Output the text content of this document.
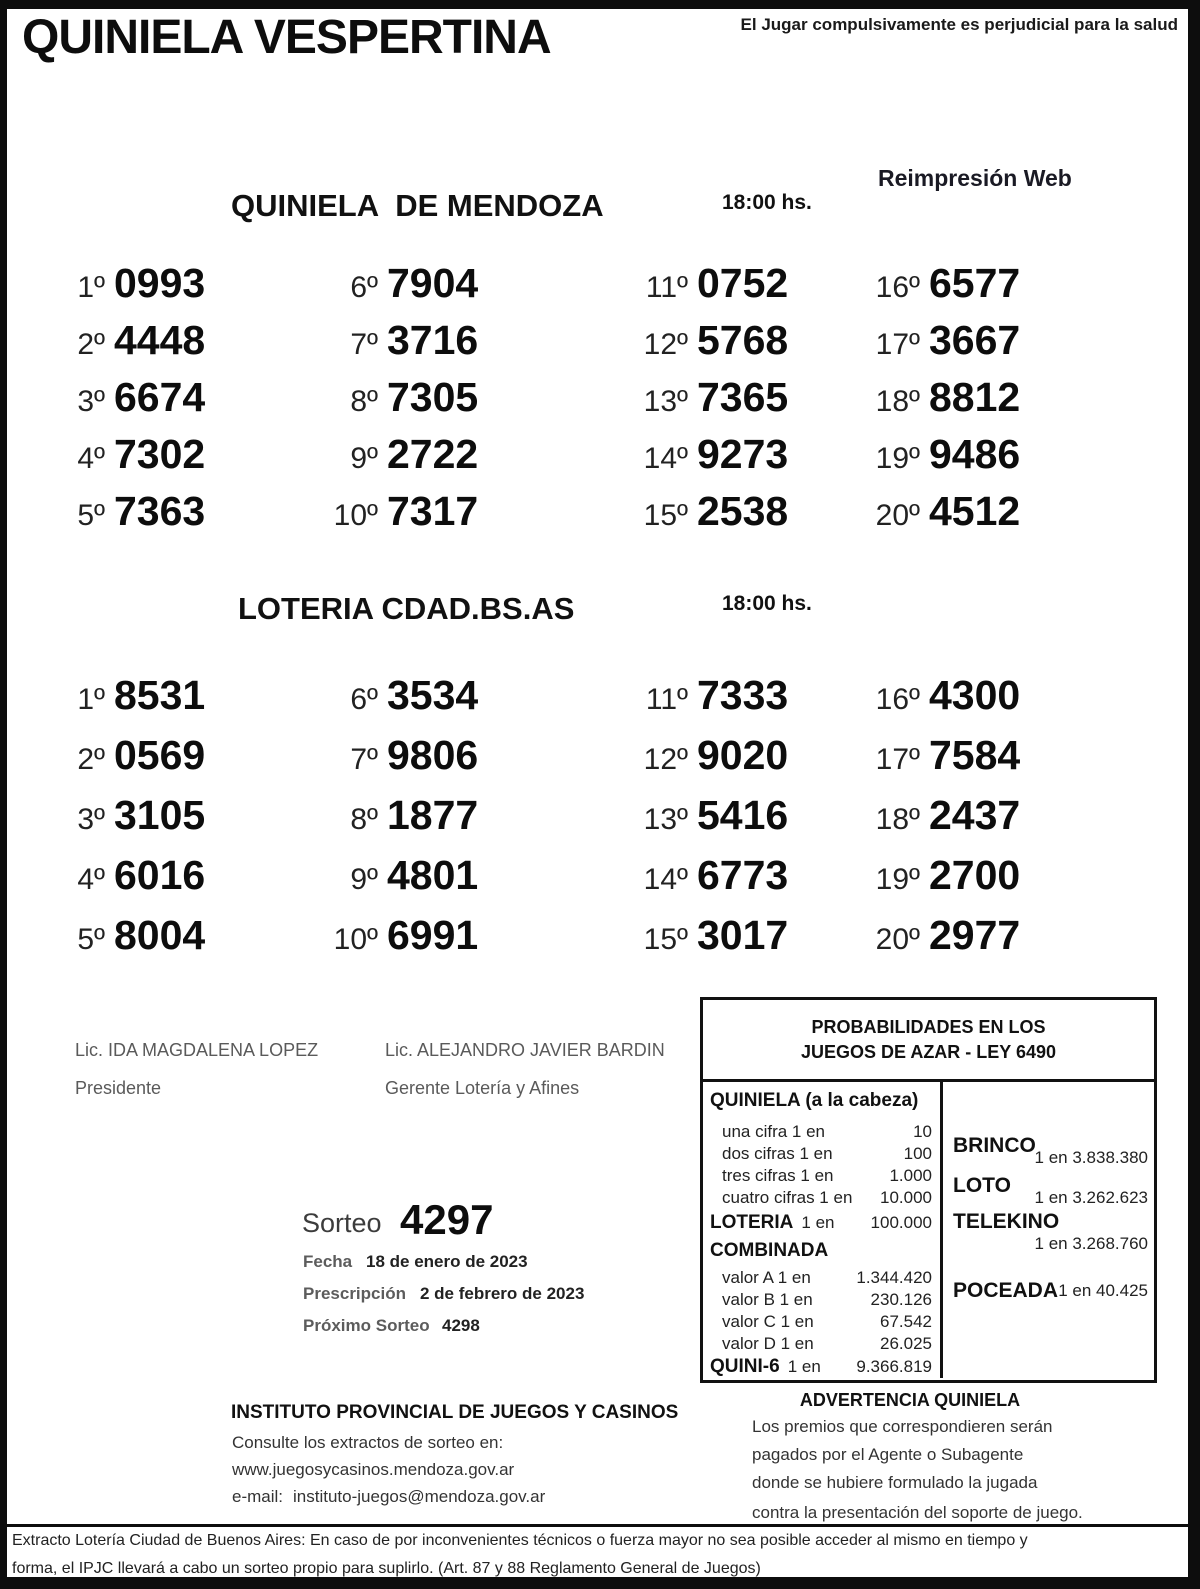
QUINIELA VESPERTINA	El Jugar compulsivamente es perjudicial para la salud
QUINIELA  DE MENDOZA	18:00 hs.
Reimpresión Web
1º 0993	6º 7904	11º 0752	16º 6577
2º 4448	7º 3716	12º 5768	17º 3667
3º 6674	8º 7305	13º 7365	18º 8812
4º 7302	9º 2722	14º 9273	19º 9486
5º 7363	10º 7317	15º 2538	20º 4512
LOTERIA CDAD.BS.AS	18:00 hs.
1º 8531	6º 3534	11º 7333	16º 4300
2º 0569	7º 9806	12º 9020	17º 7584
3º 3105	8º 1877	13º 5416	18º 2437
4º 6016	9º 4801	14º 6773	19º 2700
5º 8004	10º 6991	15º 3017	20º 2977
Lic. IDA MAGDALENA LOPEZ
Presidente
Lic. ALEJANDRO JAVIER BARDIN
Gerente Lotería y Afines
Sorteo 4297
Fecha 18 de enero de 2023
Prescripción 2 de febrero de 2023
Próximo Sorteo 4298
PROBABILIDADES EN LOS
JUEGOS DE AZAR - LEY 6490
QUINIELA (a la cabeza)
una cifra 1 en	10
dos cifras 1 en	100
tres cifras 1 en	1.000
cuatro cifras 1 en 10.000
LOTERIA 1 en 100.000
COMBINADA
valor A 1 en	1.344.420
valor B 1 en	230.126
valor C 1 en	67.542
valor D 1 en	26.025
QUINI-6 1 en 9.366.819
BRINCO
1 en 3.838.380
LOTO
1 en 3.262.623
TELEKINO
1 en 3.268.760
POCEADA 1 en 40.425
ADVERTENCIA QUINIELA
Los premios que correspondieren serán
pagados por el Agente o Subagente
donde se hubiere formulado la jugada
contra la presentación del soporte de juego.
INSTITUTO PROVINCIAL DE JUEGOS Y CASINOS
Consulte los extractos de sorteo en:
www.juegosycasinos.mendoza.gov.ar
e-mail: instituto-juegos@mendoza.gov.ar
Extracto Lotería Ciudad de Buenos Aires: En caso de por inconvenientes técnicos o fuerza mayor no sea posible acceder al mismo en tiempo y
forma, el IPJC llevará a cabo un sorteo propio para suplirlo. (Art. 87 y 88 Reglamento General de Juegos)
